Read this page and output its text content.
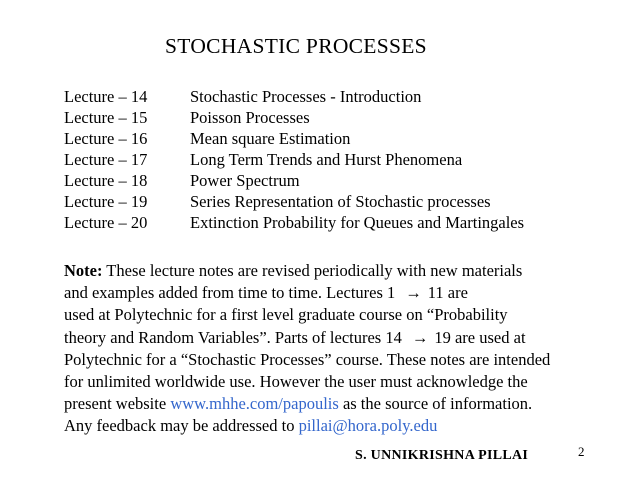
STOCHASTIC PROCESSES
Lecture – 14	Stochastic Processes - Introduction
Lecture – 15	Poisson Processes
Lecture – 16	Mean square Estimation
Lecture – 17	Long Term Trends and Hurst Phenomena
Lecture – 18	Power Spectrum
Lecture – 19	Series Representation of Stochastic processes
Lecture – 20	Extinction Probability for Queues and Martingales
Note: These lecture notes are revised periodically with new materials
and examples added from time to time. Lectures 1 → 11 are
used at Polytechnic for a first level graduate course on “Probability
theory and Random Variables”. Parts of lectures 14 → 19 are used at
Polytechnic for a “Stochastic Processes” course. These notes are intended
for unlimited worldwide use. However the user must acknowledge the
present website www.mhhe.com/papoulis as the source of information.
Any feedback may be addressed to pillai@hora.poly.edu
2
S. UNNIKRISHNA PILLAI
